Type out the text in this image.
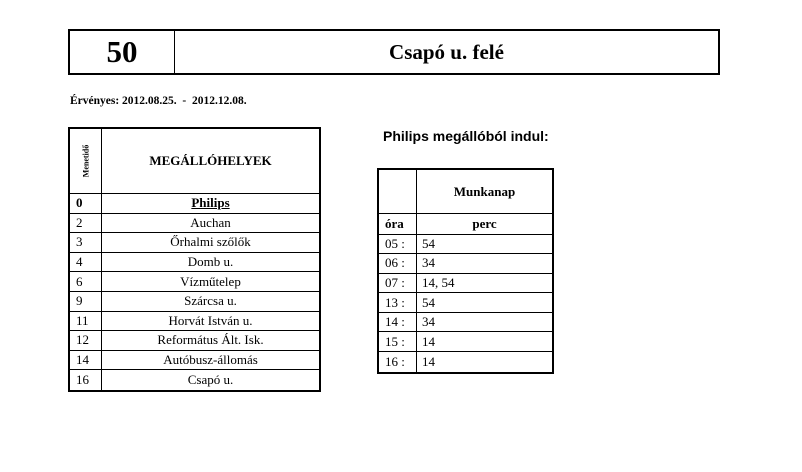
50	Csapó u. felé
Érvényes: 2012.08.25.  -  2012.12.08.
Menetidő	MEGÁLLÓHELYEK
0	Philips
2	Auchan
3	Őrhalmi szőlők
4	Domb u.
6	Vízműtelep
9	Szárcsa u.
11	Horvát István u.
12	Református Ált. Isk.
14	Autóbusz-állomás
16	Csapó u.
Philips megállóból indul:
Munkanap
óra	perc
05 :	54
06 :	34
07 :	14, 54
13 :	54
14 :	34
15 :	14
16 :	14
